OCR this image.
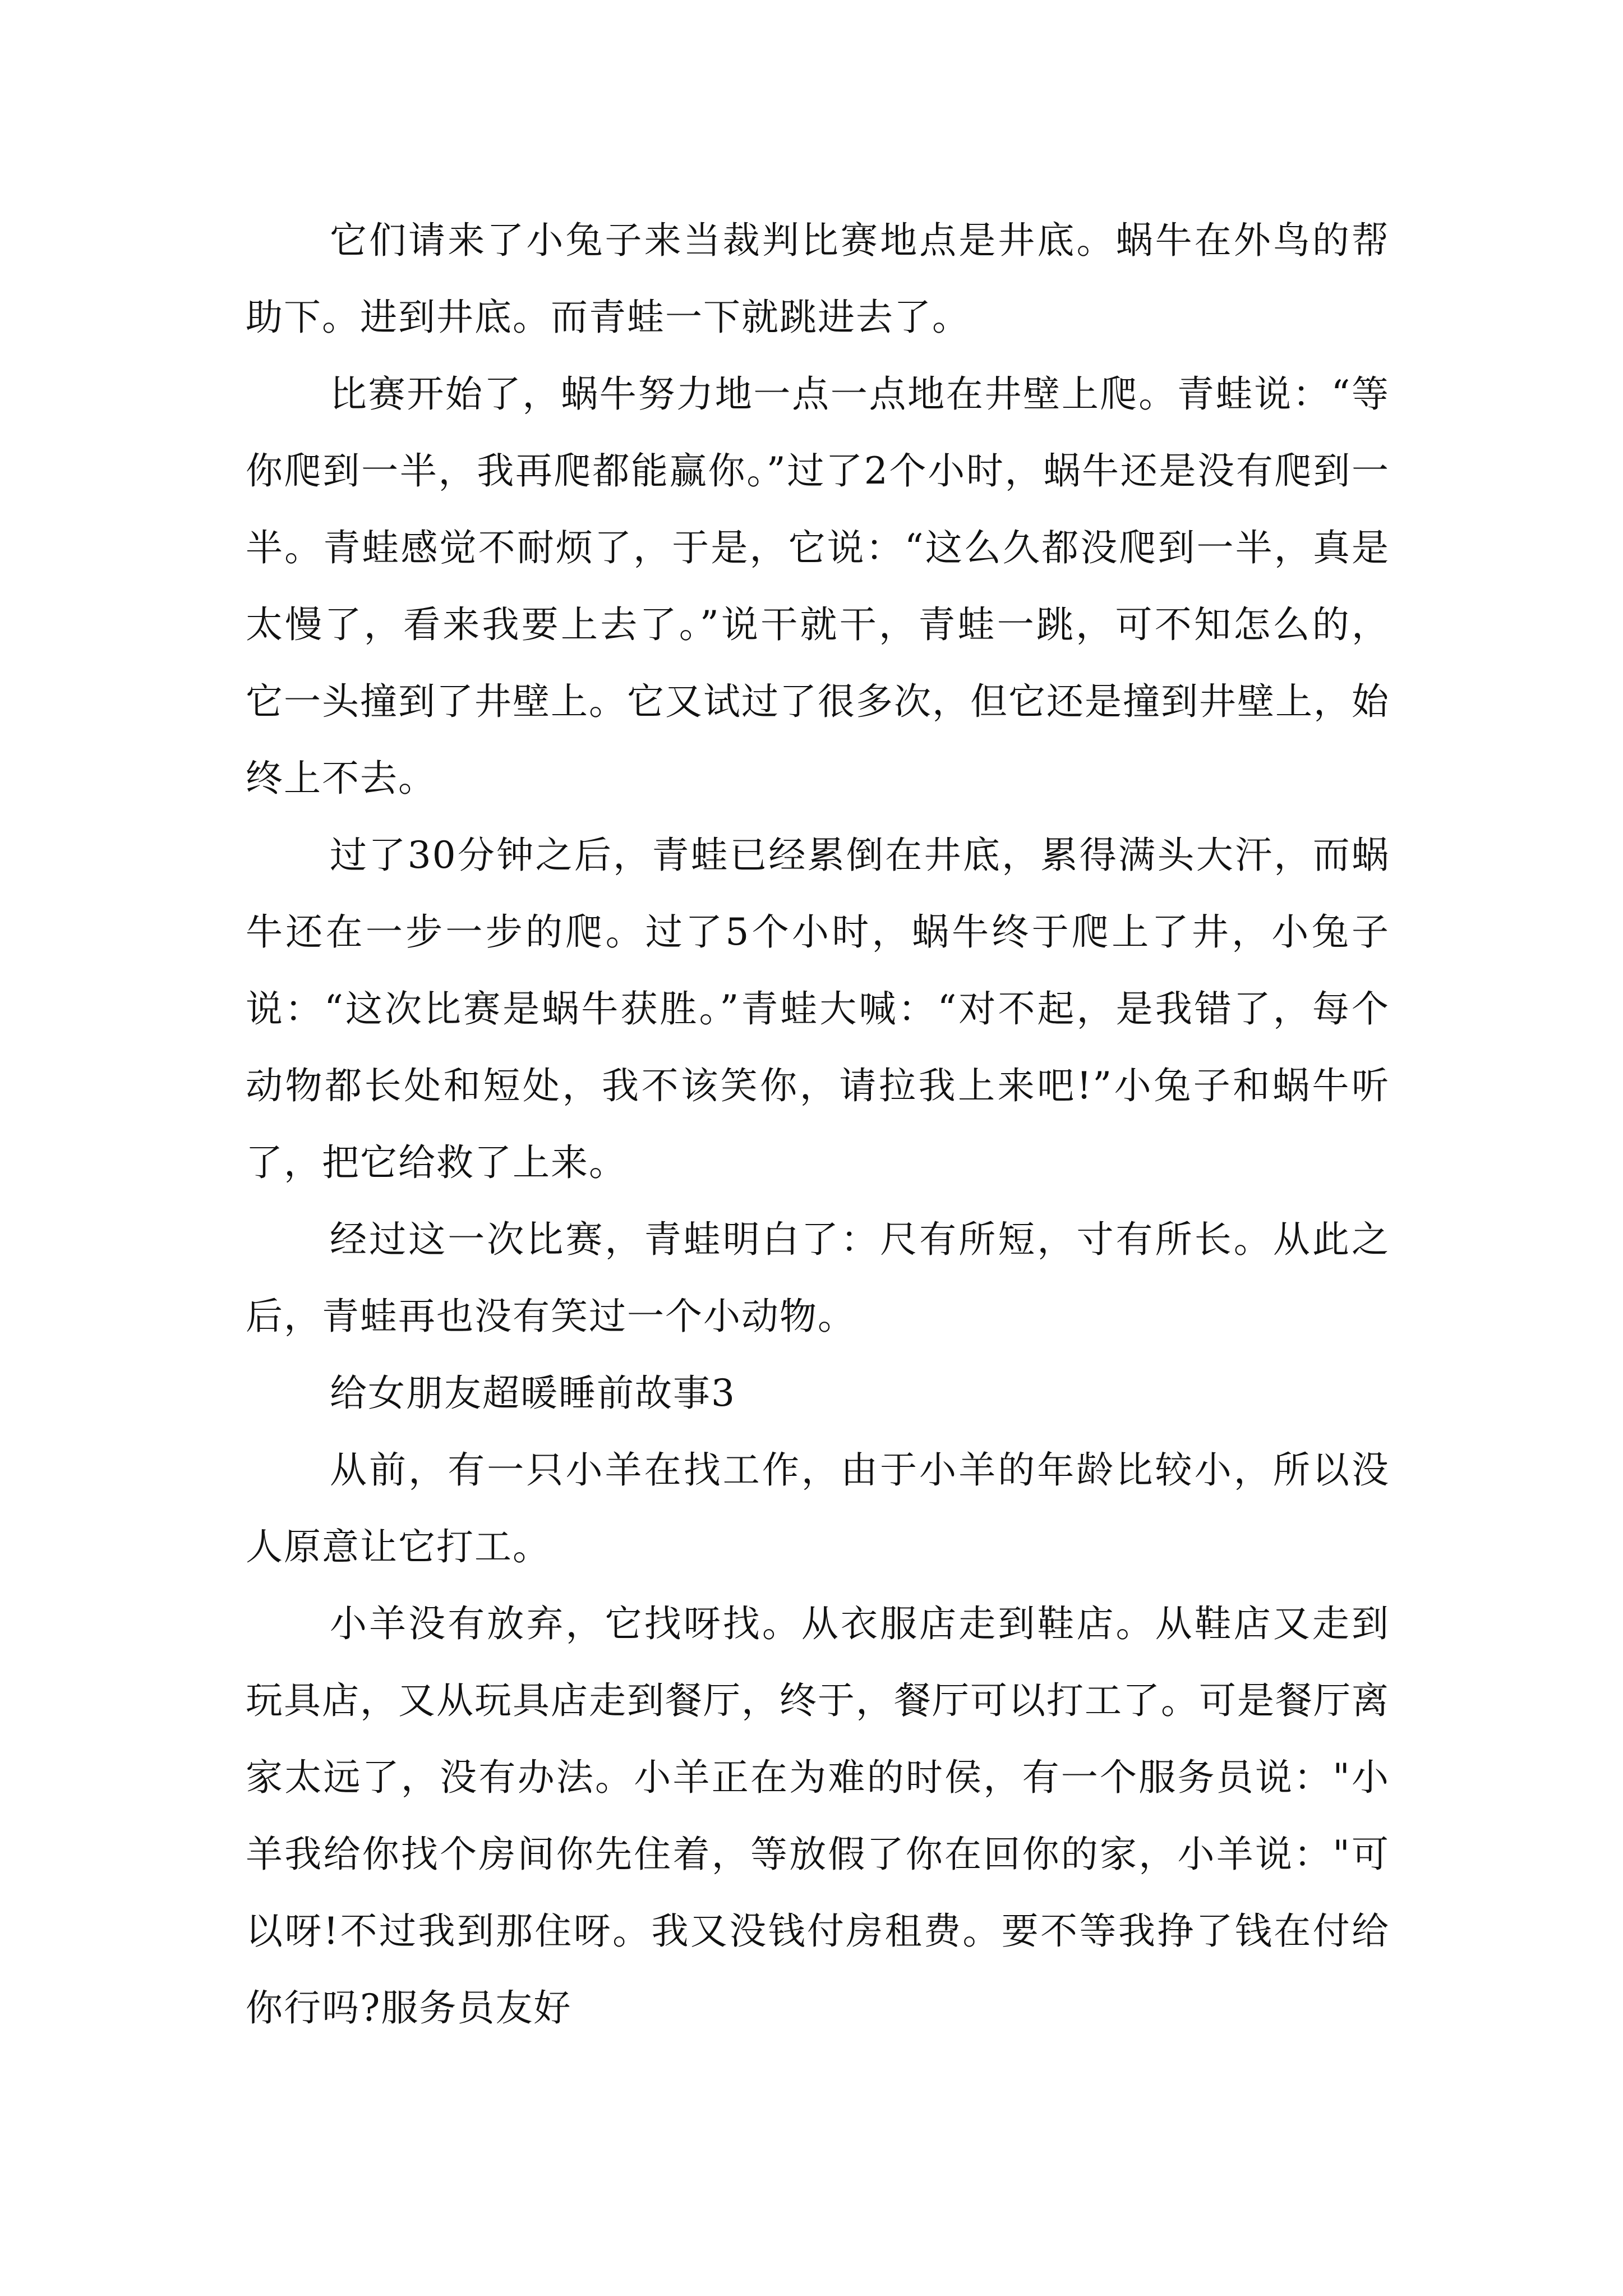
它们请来了小兔子来当裁判比赛地点是井底。蜗牛在外鸟的帮助下。进到井底。而青蛙一下就跳进去了。

比赛开始了，蜗牛努力地一点一点地在井壁上爬。青蛙说：“等你爬到一半，我再爬都能赢你。”过了2个小时，蜗牛还是没有爬到一半。青蛙感觉不耐烦了，于是，它说：“这么久都没爬到一半，真是太慢了，看来我要上去了。”说干就干，青蛙一跳，可不知怎么的，它一头撞到了井壁上。它又试过了很多次，但它还是撞到井壁上，始终上不去。

过了30分钟之后，青蛙已经累倒在井底，累得满头大汗，而蜗牛还在一步一步的爬。过了5个小时，蜗牛终于爬上了井，小兔子说：“这次比赛是蜗牛获胜。”青蛙大喊：“对不起，是我错了，每个动物都长处和短处，我不该笑你，请拉我上来吧!”小兔子和蜗牛听了，把它给救了上来。

经过这一次比赛，青蛙明白了：尺有所短，寸有所长。从此之后，青蛙再也没有笑过一个小动物。

给女朋友超暖睡前故事3

从前，有一只小羊在找工作，由于小羊的年龄比较小，所以没人原意让它打工。

小羊没有放弃，它找呀找。从衣服店走到鞋店。从鞋店又走到玩具店，又从玩具店走到餐厅，终于，餐厅可以打工了。可是餐厅离家太远了，没有办法。小羊正在为难的时侯，有一个服务员说："小羊我给你找个房间你先住着，等放假了你在回你的家，小羊说："可以呀!不过我到那住呀。我又没钱付房租费。要不等我挣了钱在付给你行吗?服务员友好
